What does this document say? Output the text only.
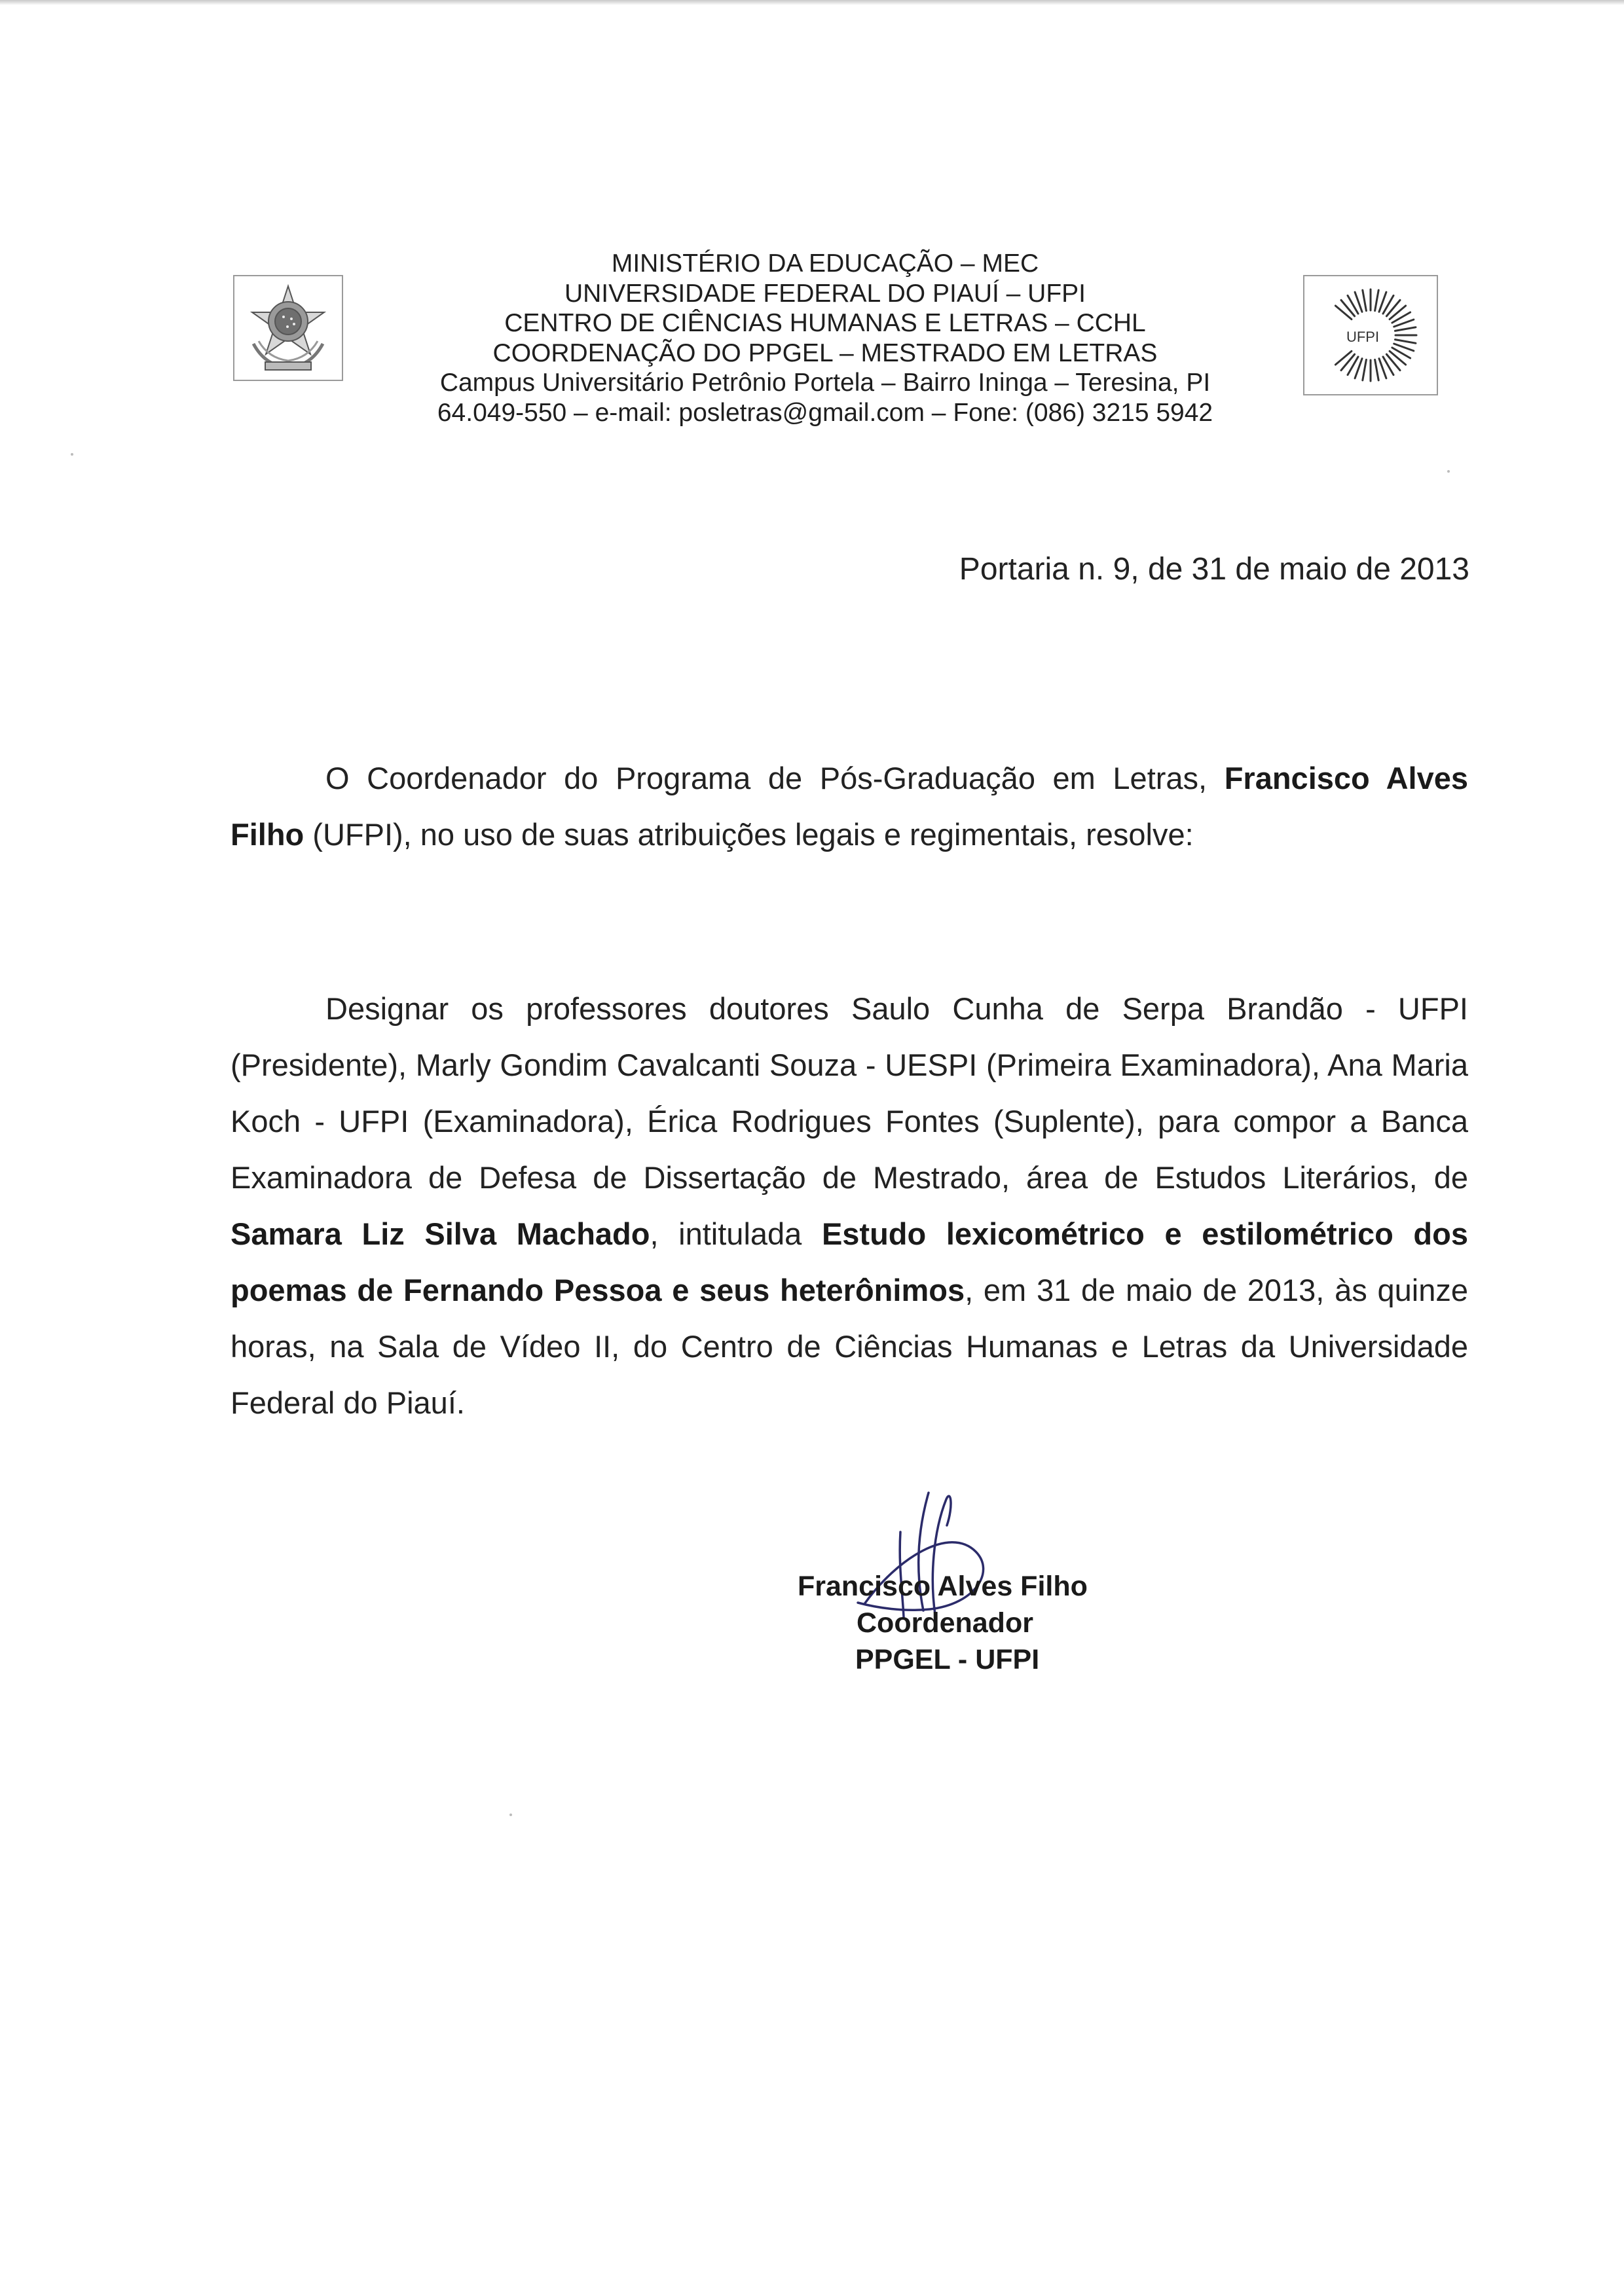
MINISTÉRIO DA EDUCAÇÃO – MEC
UNIVERSIDADE FEDERAL DO PIAUÍ – UFPI
CENTRO DE CIÊNCIAS HUMANAS E LETRAS – CCHL
COORDENAÇÃO DO PPGEL – MESTRADO EM LETRAS
Campus Universitário Petrônio Portela – Bairro Ininga – Teresina, PI
64.049-550 – e-mail: posletras@gmail.com – Fone: (086) 3215 5942
UFPI
Portaria n. 9, de 31 de maio de 2013
O Coordenador do Programa de Pós-Graduação em Letras, Francisco Alves Filho (UFPI), no uso de suas atribuições legais e regimentais, resolve:
Designar os professores doutores Saulo Cunha de Serpa Brandão - UFPI (Presidente), Marly Gondim Cavalcanti Souza - UESPI (Primeira Examinadora), Ana Maria Koch - UFPI (Examinadora), Érica Rodrigues Fontes (Suplente), para compor a Banca Examinadora de Defesa de Dissertação de Mestrado, área de Estudos Literários, de Samara Liz Silva Machado, intitulada Estudo lexicométrico e estilométrico dos poemas de Fernando Pessoa e seus heterônimos, em 31 de maio de 2013, às quinze horas, na Sala de Vídeo II, do Centro de Ciências Humanas e Letras da Universidade Federal do Piauí.
Francisco Alves Filho
Coordenador
PPGEL - UFPI
